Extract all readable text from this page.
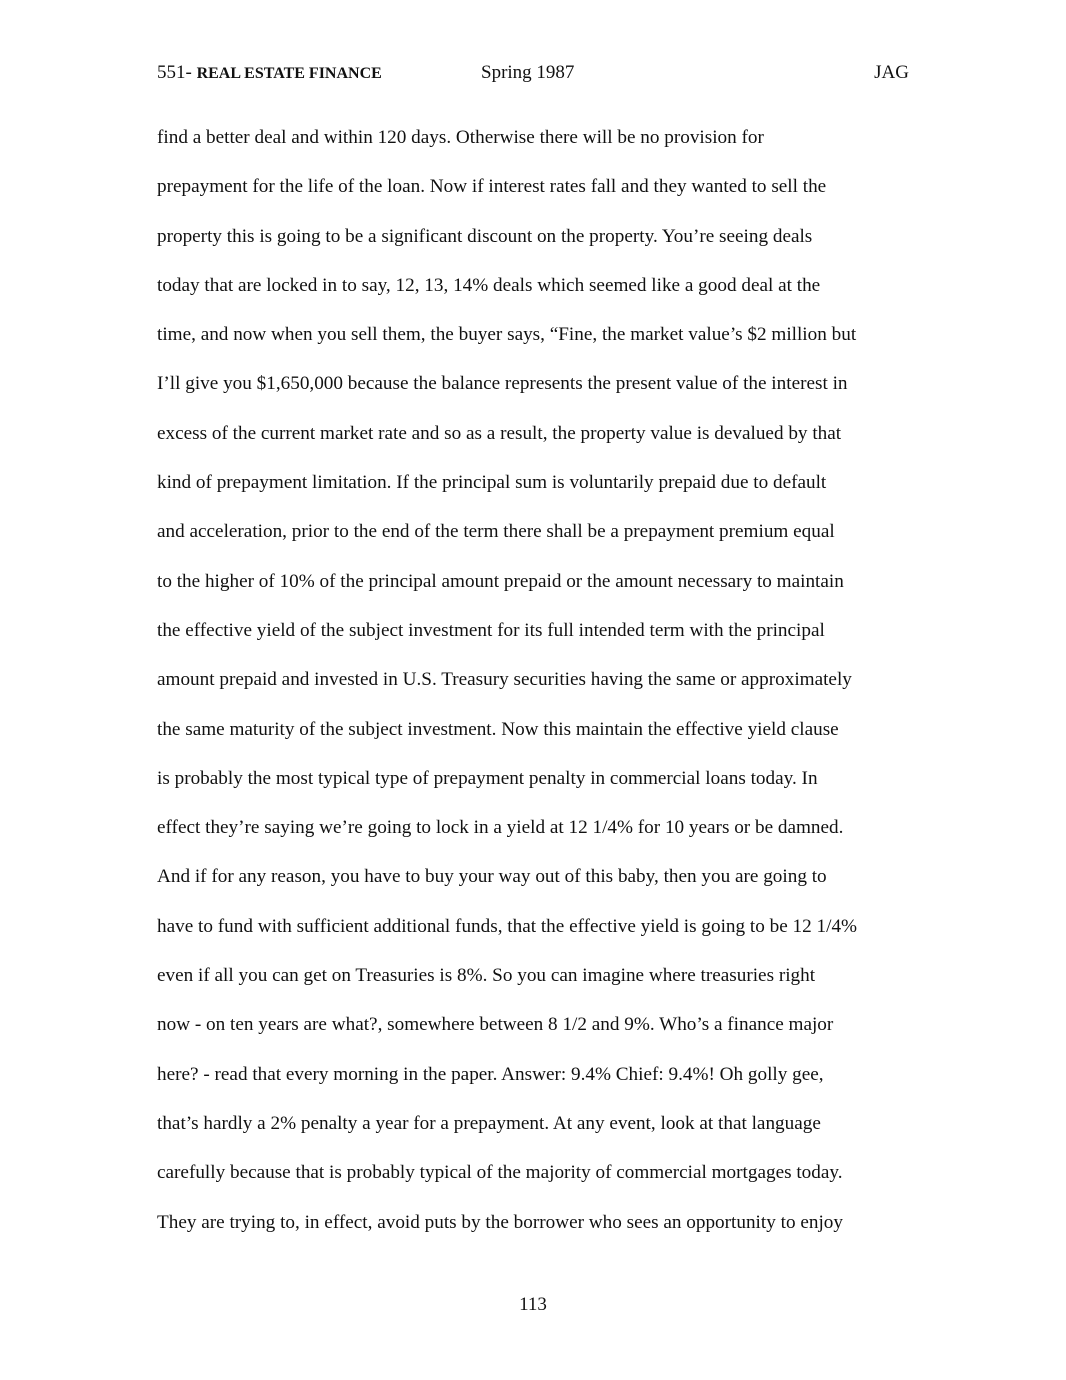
551- REAL ESTATE FINANCE	Spring 1987	JAG
find a better deal and within 120 days. Otherwise there will be no provision for
prepayment for the life of the loan. Now if interest rates fall and they wanted to sell the
property this is going to be a significant discount on the property. You’re seeing deals
today that are locked in to say, 12, 13, 14% deals which seemed like a good deal at the
time, and now when you sell them, the buyer says, “Fine, the market value’s $2 million but
I’ll give you $1,650,000 because the balance represents the present value of the interest in
excess of the current market rate and so as a result, the property value is devalued by that
kind of prepayment limitation. If the principal sum is voluntarily prepaid due to default
and acceleration, prior to the end of the term there shall be a prepayment premium equal
to the higher of 10% of the principal amount prepaid or the amount necessary to maintain
the effective yield of the subject investment for its full intended term with the principal
amount prepaid and invested in U.S. Treasury securities having the same or approximately
the same maturity of the subject investment. Now this maintain the effective yield clause
is probably the most typical type of prepayment penalty in commercial loans today. In
effect they’re saying we’re going to lock in a yield at 12 1/4% for 10 years or be damned.
And if for any reason, you have to buy your way out of this baby, then you are going to
have to fund with sufficient additional funds, that the effective yield is going to be 12 1/4%
even if all you can get on Treasuries is 8%. So you can imagine where treasuries right
now - on ten years are what?, somewhere between 8 1/2 and 9%. Who’s a finance major
here? - read that every morning in the paper. Answer: 9.4% Chief: 9.4%! Oh golly gee,
that’s hardly a 2% penalty a year for a prepayment. At any event, look at that language
carefully because that is probably typical of the majority of commercial mortgages today.
They are trying to, in effect, avoid puts by the borrower who sees an opportunity to enjoy
113
